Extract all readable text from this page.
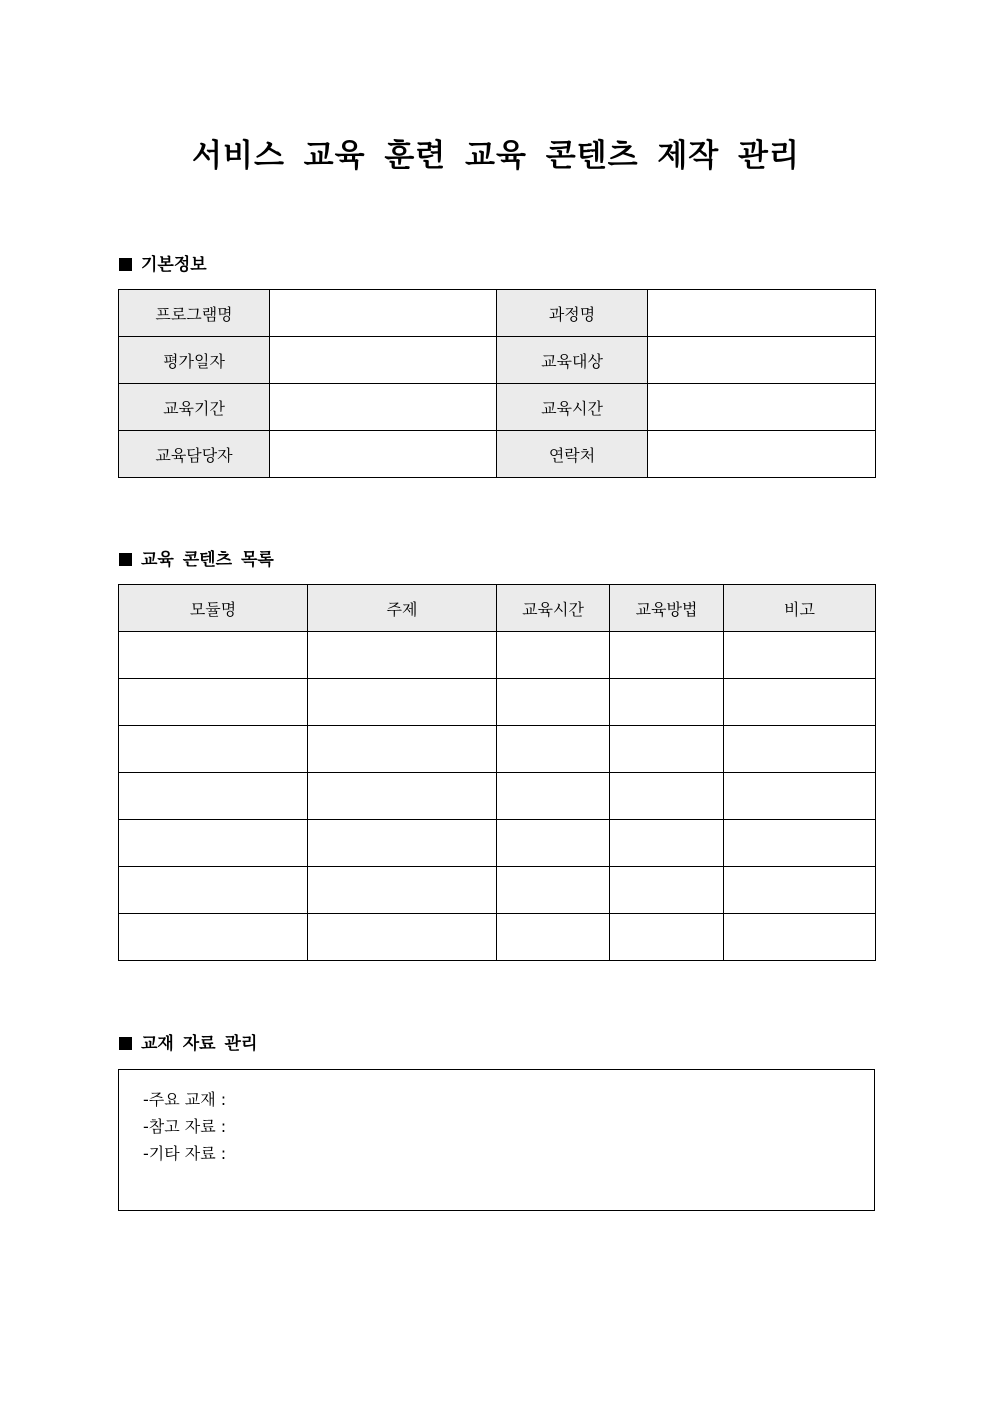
서비스 교육 훈련 교육 콘텐츠 제작 관리
기본정보
프로그램명		과정명	
평가일자		교육대상	
교육기간		교육시간	
교육담당자		연락처	
교육 콘텐츠 목록
모듈명	주제	교육시간	교육방법	비고

교재 자료 관리
-주요 교재 :
-참고 자료 :
-기타 자료 :
